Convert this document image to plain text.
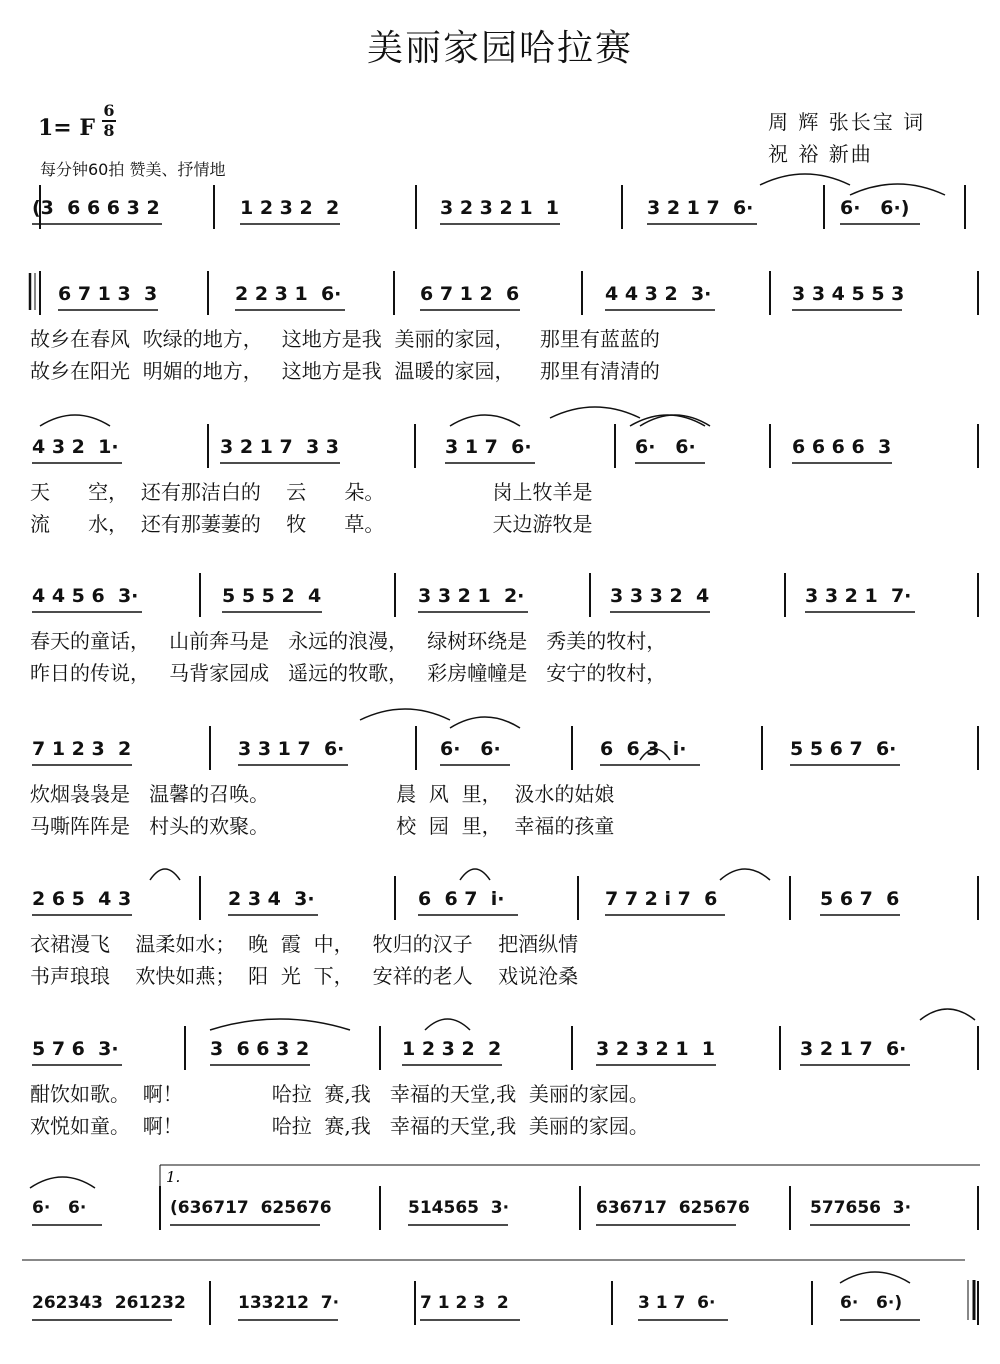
美丽家园哈拉赛
1= F
6
8
每分钟60拍 赞美、抒情地
周 辉 张长宝 词
祝 裕 新曲
1.
(3  6 6 6 3 2	1 2 3 2  2	3 2 3 2 1  1	3 2 1 7  6·	6·   6·)
6 7 1 3  3	2 2 3 1  6·	6 7 1 2  6	4 4 3 2  3·	3 3 4 5 5 3
故乡在春风  吹绿的地方，   这地方是我  美丽的家园，    那里有蓝蓝的
故乡在阳光  明媚的地方，   这地方是我  温暖的家园，    那里有清清的
4 3 2  1·	3 2 1 7  3 3	3 1 7  6·	6·   6·	6 6 6 6  3
天      空，  还有那洁白的    云      朵。                 岗上牧羊是
流      水，  还有那萋萋的    牧      草。                 天边游牧是
4 4 5 6  3·	5 5 5 2  4	3 3 2 1  2·	3 3 3 2  4	3 3 2 1  7·
春天的童话，   山前奔马是   永远的浪漫，   绿树环绕是   秀美的牧村，
昨日的传说，   马背家园成   遥远的牧歌，   彩房幢幢是   安宁的牧村，
7 1 2 3  2	3 3 1 7  6·	6·   6·	6  6 3  i·	5 5 6 7  6·
炊烟袅袅是   温馨的召唤。                    晨  风  里，  汲水的姑娘
马嘶阵阵是   村头的欢聚。                    校  园  里，  幸福的孩童
2 6 5  4 3	2 3 4  3·	6  6 7  i·	7 7 2 i 7  6	5 6 7  6
衣裙漫飞    温柔如水；  晚  霞  中，   牧归的汉子    把酒纵情
书声琅琅    欢快如燕；  阳  光  下，   安祥的老人    戏说沧桑
5 7 6  3·	3  6 6 3 2	1 2 3 2  2	3 2 3 2 1  1	3 2 1 7  6·
酣饮如歌。  啊！              哈拉  赛,我   幸福的天堂,我  美丽的家园。
欢悦如童。  啊！              哈拉  赛,我   幸福的天堂,我  美丽的家园。
6·   6·	(636717  625676	514565  3·	636717  625676	577656  3·
262343  261232	133212  7·	7 1 2 3  2	3 1 7  6·	6·   6·)
